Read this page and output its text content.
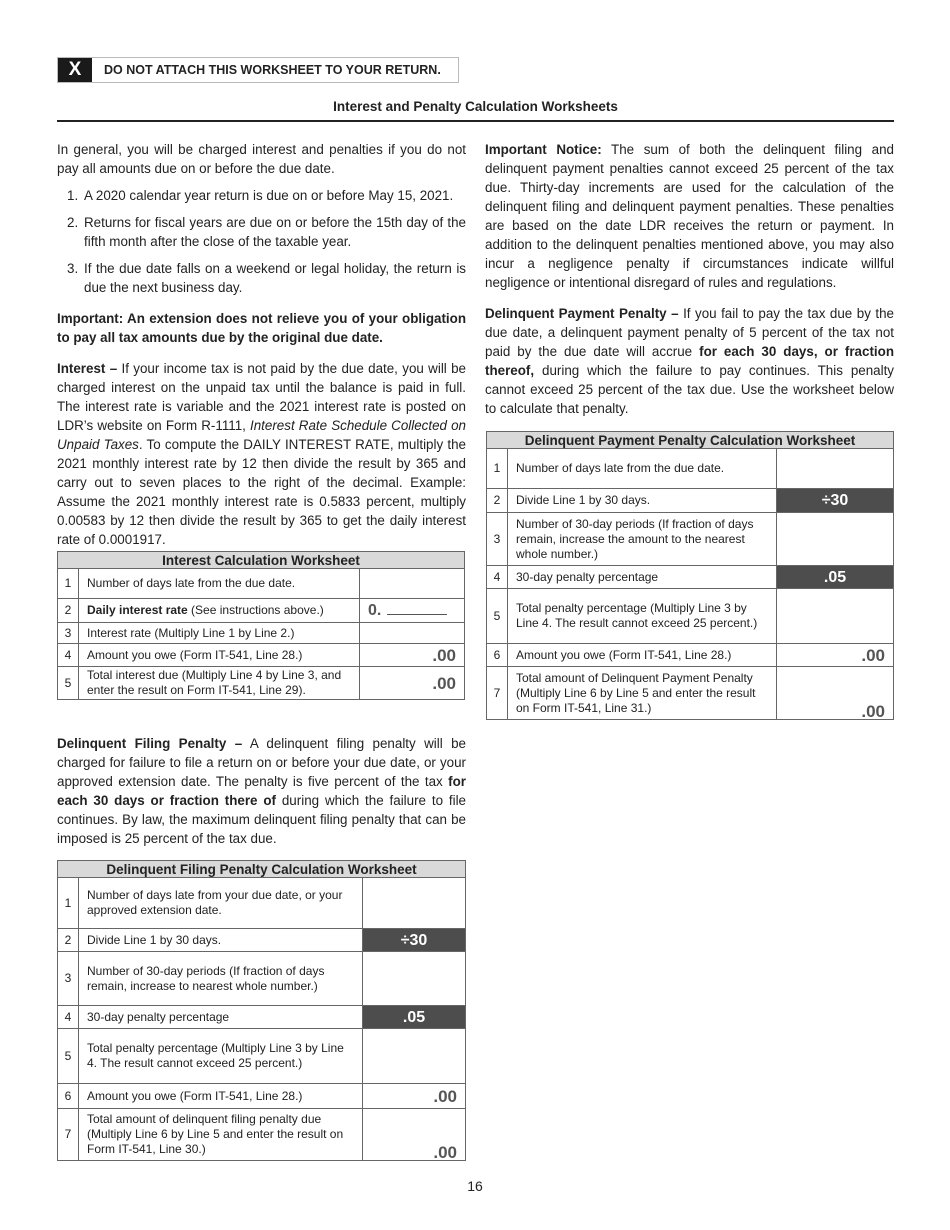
X	DO NOT ATTACH THIS WORKSHEET TO YOUR RETURN.
Interest and Penalty Calculation Worksheets

In general, you will be charged interest and penalties if you do not pay all amounts due on or before the due date.

1. A 2020 calendar year return is due on or before May 15, 2021.
2. Returns for fiscal years are due on or before the 15th day of the fifth month after the close of the taxable year.
3. If the due date falls on a weekend or legal holiday, the return is due the next business day.

Important: An extension does not relieve you of your obligation to pay all tax amounts due by the original due date.

Interest – If your income tax is not paid by the due date, you will be charged interest on the unpaid tax until the balance is paid in full. The interest rate is variable and the 2021 interest rate is posted on LDR’s website on Form R-1111, Interest Rate Schedule Collected on Unpaid Taxes. To compute the DAILY INTEREST RATE, multiply the 2021 monthly interest rate by 12 then divide the result by 365 and carry out to seven places to the right of the decimal. Example: Assume the 2021 monthly interest rate is 0.5833 percent, multiply 0.00583 by 12 then divide the result by 365 to get the daily interest rate of 0.0001917.

Interest Calculation Worksheet		
1	Number of days late from the due date.	
2	Daily interest rate (See instructions above.)	0.
3	Interest rate (Multiply Line 1 by Line 2.)	
4	Amount you owe (Form IT-541, Line 28.)	.00
5	Total interest due (Multiply Line 4 by Line 3, and enter the result on Form IT-541, Line 29).	.00

Delinquent Filing Penalty – A delinquent filing penalty will be charged for failure to file a return on or before your due date, or your approved extension date. The penalty is five percent of the tax for each 30 days or fraction there of during which the failure to file continues. By law, the maximum delinquent filing penalty that can be imposed is 25 percent of the tax due.

Delinquent Filing Penalty Calculation Worksheet		
1	Number of days late from your due date, or your approved extension date.	
2	Divide Line 1 by 30 days.	÷30
3	Number of 30-day periods (If fraction of days remain, increase to nearest whole number.)	
4	30-day penalty percentage	.05
5	Total penalty percentage (Multiply Line 3 by Line 4. The result cannot exceed 25 percent.)	
6	Amount you owe (Form IT-541, Line 28.)	.00
7	Total amount of delinquent filing penalty due (Multiply Line 6 by Line 5 and enter the result on Form IT-541, Line 30.)	.00

Important Notice: The sum of both the delinquent filing and delinquent payment penalties cannot exceed 25 percent of the tax due. Thirty-day increments are used for the calculation of the delinquent filing and delinquent payment penalties. These penalties are based on the date LDR receives the return or payment. In addition to the delinquent penalties mentioned above, you may also incur a negligence penalty if circumstances indicate willful negligence or intentional disregard of rules and regulations.

Delinquent Payment Penalty – If you fail to pay the tax due by the due date, a delinquent payment penalty of 5 percent of the tax not paid by the due date will accrue for each 30 days, or fraction thereof, during which the failure to pay continues. This penalty cannot exceed 25 percent of the tax due. Use the worksheet below to calculate that penalty.

Delinquent Payment Penalty Calculation Worksheet		
1	Number of days late from the due date.	
2	Divide Line 1 by 30 days.	÷30
3	Number of 30-day periods (If fraction of days remain, increase the amount to the nearest whole number.)	
4	30-day penalty percentage	.05
5	Total penalty percentage (Multiply Line 3 by Line 4. The result cannot exceed 25 percent.)	
6	Amount you owe (Form IT-541, Line 28.)	.00
7	Total amount of Delinquent Payment Penalty (Multiply Line 6 by Line 5 and enter the result on Form IT-541, Line 31.)	.00
16
